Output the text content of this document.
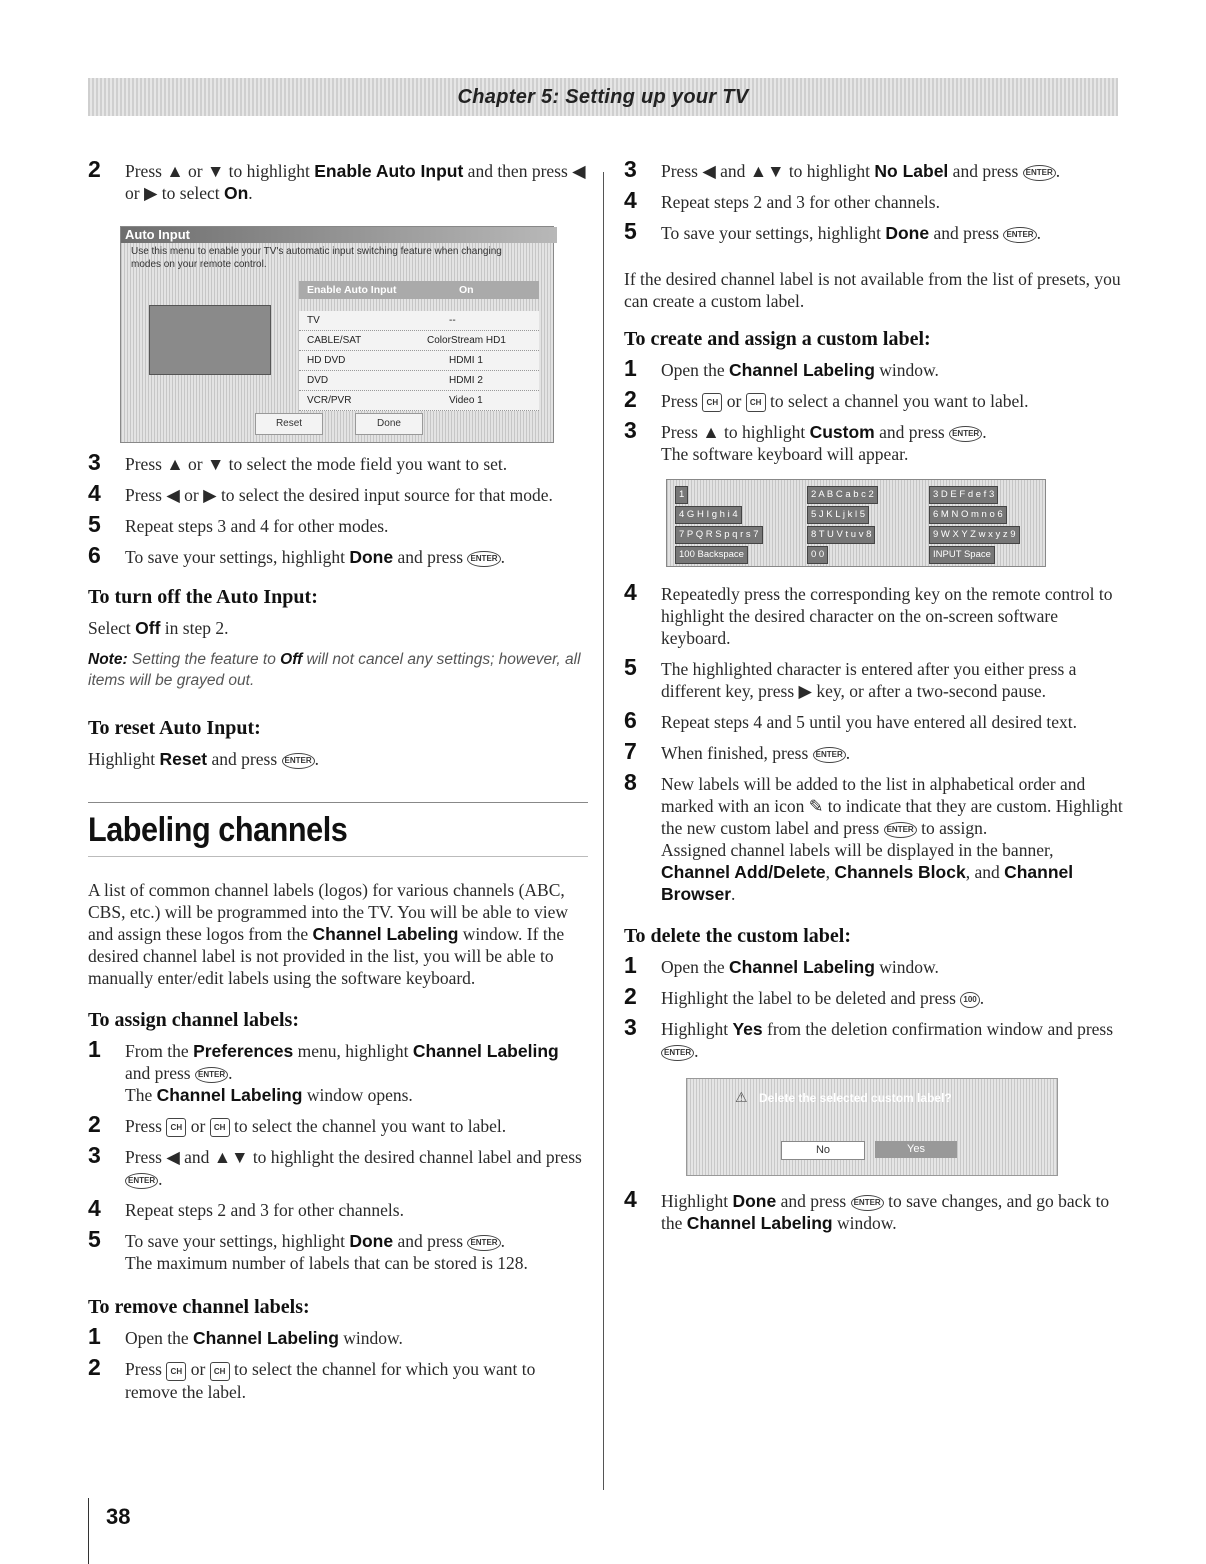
Chapter 5: Setting up your TV
2 Press ▲ or ▼ to highlight Enable Auto Input and then press ◀ or ▶ to select On.

Auto Input
Use this menu to enable your TV's automatic input switching feature when changing modes on your remote control.
Enable Auto Input	On
TV	--
CABLE/SAT	ColorStream HD1
HD DVD	HDMI 1
DVD	HDMI 2
VCR/PVR	Video 1
Reset	Done
3 Press ▲ or ▼ to select the mode field you want to set.

4 Press ◀ or ▶ to select the desired input source for that mode.

5 Repeat steps 3 and 4 for other modes.

6 To save your settings, highlight Done and press ENTER .

To turn off the Auto Input:

Select Off in step 2.

Note: Setting the feature to Off will not cancel any settings; however, all items will be grayed out.

To reset Auto Input:

Highlight Reset and press ENTER .

Labeling channels

A list of common channel labels (logos) for various channels (ABC, CBS, etc.) will be programmed into the TV. You will be able to view and assign these logos from the Channel Labeling window. If the desired channel label is not provided in the list, you will be able to manually enter/edit labels using the software keyboard.

To assign channel labels:
1 From the Preferences menu, highlight Channel Labeling and press ENTER .

The Channel Labeling window opens.

2 Press CH or CH to select the channel you want to label.

3 Press ◀ and ▲▼ to highlight the desired channel label and press ENTER .

4 Repeat steps 2 and 3 for other channels.

5 To save your settings, highlight Done and press ENTER .

The maximum number of labels that can be stored is 128.

To remove channel labels:
1 Open the Channel Labeling window.

2 Press CH or CH to select the channel for which you want to remove the label.

3 Press ◀ and ▲▼ to highlight No Label and press ENTER .

4 Repeat steps 2 and 3 for other channels.

5 To save your settings, highlight Done and press ENTER .

If the desired channel label is not available from the list of presets, you can create a custom label.

To create and assign a custom label:
1 Open the Channel Labeling window.

2 Press CH or CH to select a channel you want to label.

3 Press ▲ to highlight Custom and press ENTER .

The software keyboard will appear.

1	2 A B C a b c 2	3 D E F d e f 3
4 G H I g h i 4	5 J K L j k l 5	6 M N O m n o 6
7 P Q R S p q r s 7	8 T U V t u v 8	9 W X Y Z w x y z 9
100 Backspace	0 0	INPUT Space
4 Repeatedly press the corresponding key on the remote control to highlight the desired character on the on-screen software keyboard.

5 The highlighted character is entered after you either press a different key, press ▶ key, or after a two-second pause.

6 Repeat steps 4 and 5 until you have entered all desired text.

7 When finished, press ENTER .

8 New labels will be added to the list in alphabetical order and marked with an icon ✎ to indicate that they are custom. Highlight the new custom label and press ENTER to assign.

Assigned channel labels will be displayed in the banner, Channel Add/Delete, Channels Block, and Channel Browser.

To delete the custom label:
1 Open the Channel Labeling window.

2 Highlight the label to be deleted and press 100 .

3 Highlight Yes from the deletion confirmation window and press ENTER .

⚠ Delete the selected custom label?
No	Yes
4 Highlight Done and press ENTER to save changes, and go back to the Channel Labeling window.

38
